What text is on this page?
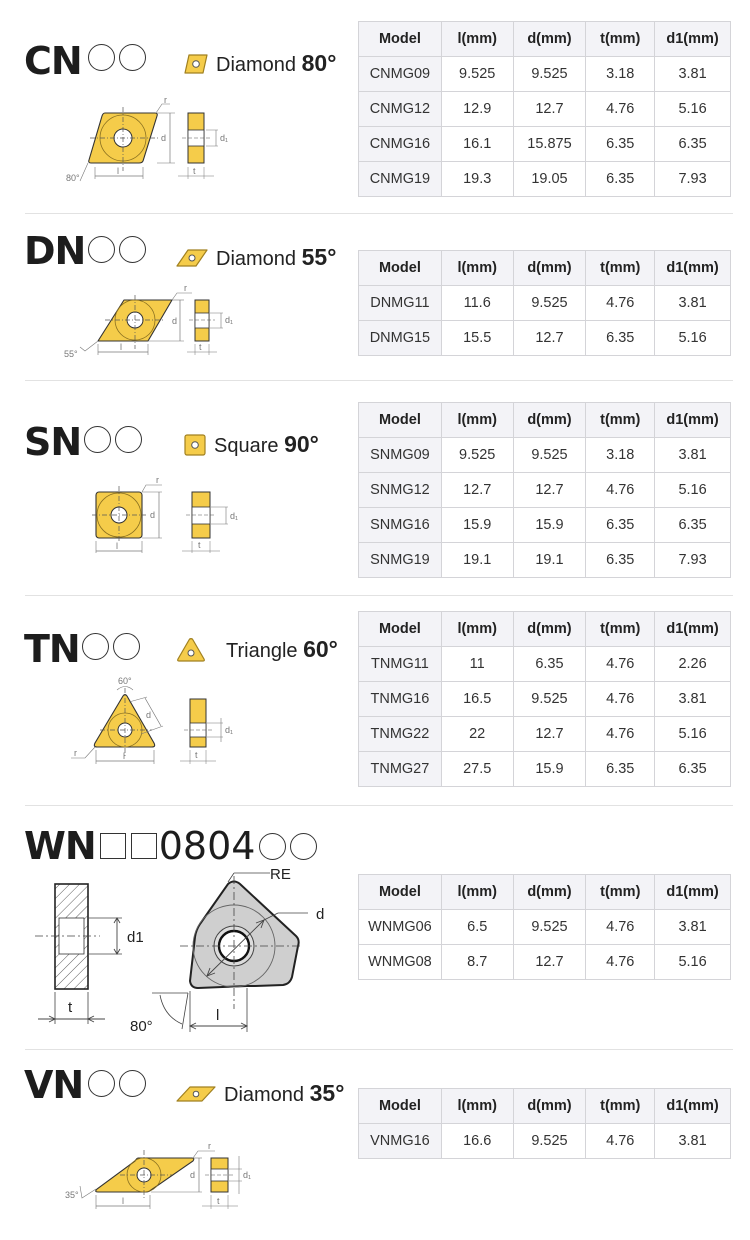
CN	Diamond 80°
d
r
l
80°
d₁
t
Model	l(mm)	d(mm)	t(mm)	d1(mm)
CNMG09	9.525	9.525	3.18	3.81
CNMG12	12.9	12.7	4.76	5.16
CNMG16	16.1	15.875	6.35	6.35
CNMG19	19.3	19.05	6.35	7.93
DN	Diamond 55°
d
r
l
55°
d₁
t
Model	l(mm)	d(mm)	t(mm)	d1(mm)
DNMG11	11.6	9.525	4.76	3.81
DNMG15	15.5	12.7	6.35	5.16
SN	Square 90°
d
r
l
d₁
t
Model	l(mm)	d(mm)	t(mm)	d1(mm)
SNMG09	9.525	9.525	3.18	3.81
SNMG12	12.7	12.7	4.76	5.16
SNMG16	15.9	15.9	6.35	6.35
SNMG19	19.1	19.1	6.35	7.93
TN	Triangle 60°
60°
d
r	l
d₁
t
Model	l(mm)	d(mm)	t(mm)	d1(mm)
TNMG11	11	6.35	4.76	2.26
TNMG16	16.5	9.525	4.76	3.81
TNMG22	22	12.7	4.76	5.16
TNMG27	27.5	15.9	6.35	6.35
WN 0804
d1
t
d
RE
l
80°
Model	l(mm)	d(mm)	t(mm)	d1(mm)
WNMG06	6.5	9.525	4.76	3.81
WNMG08	8.7	12.7	4.76	5.16
VN	Diamond 35°
d
r
l
35°
d₁
t
Model	l(mm)	d(mm)	t(mm)	d1(mm)
VNMG16	16.6	9.525	4.76	3.81
